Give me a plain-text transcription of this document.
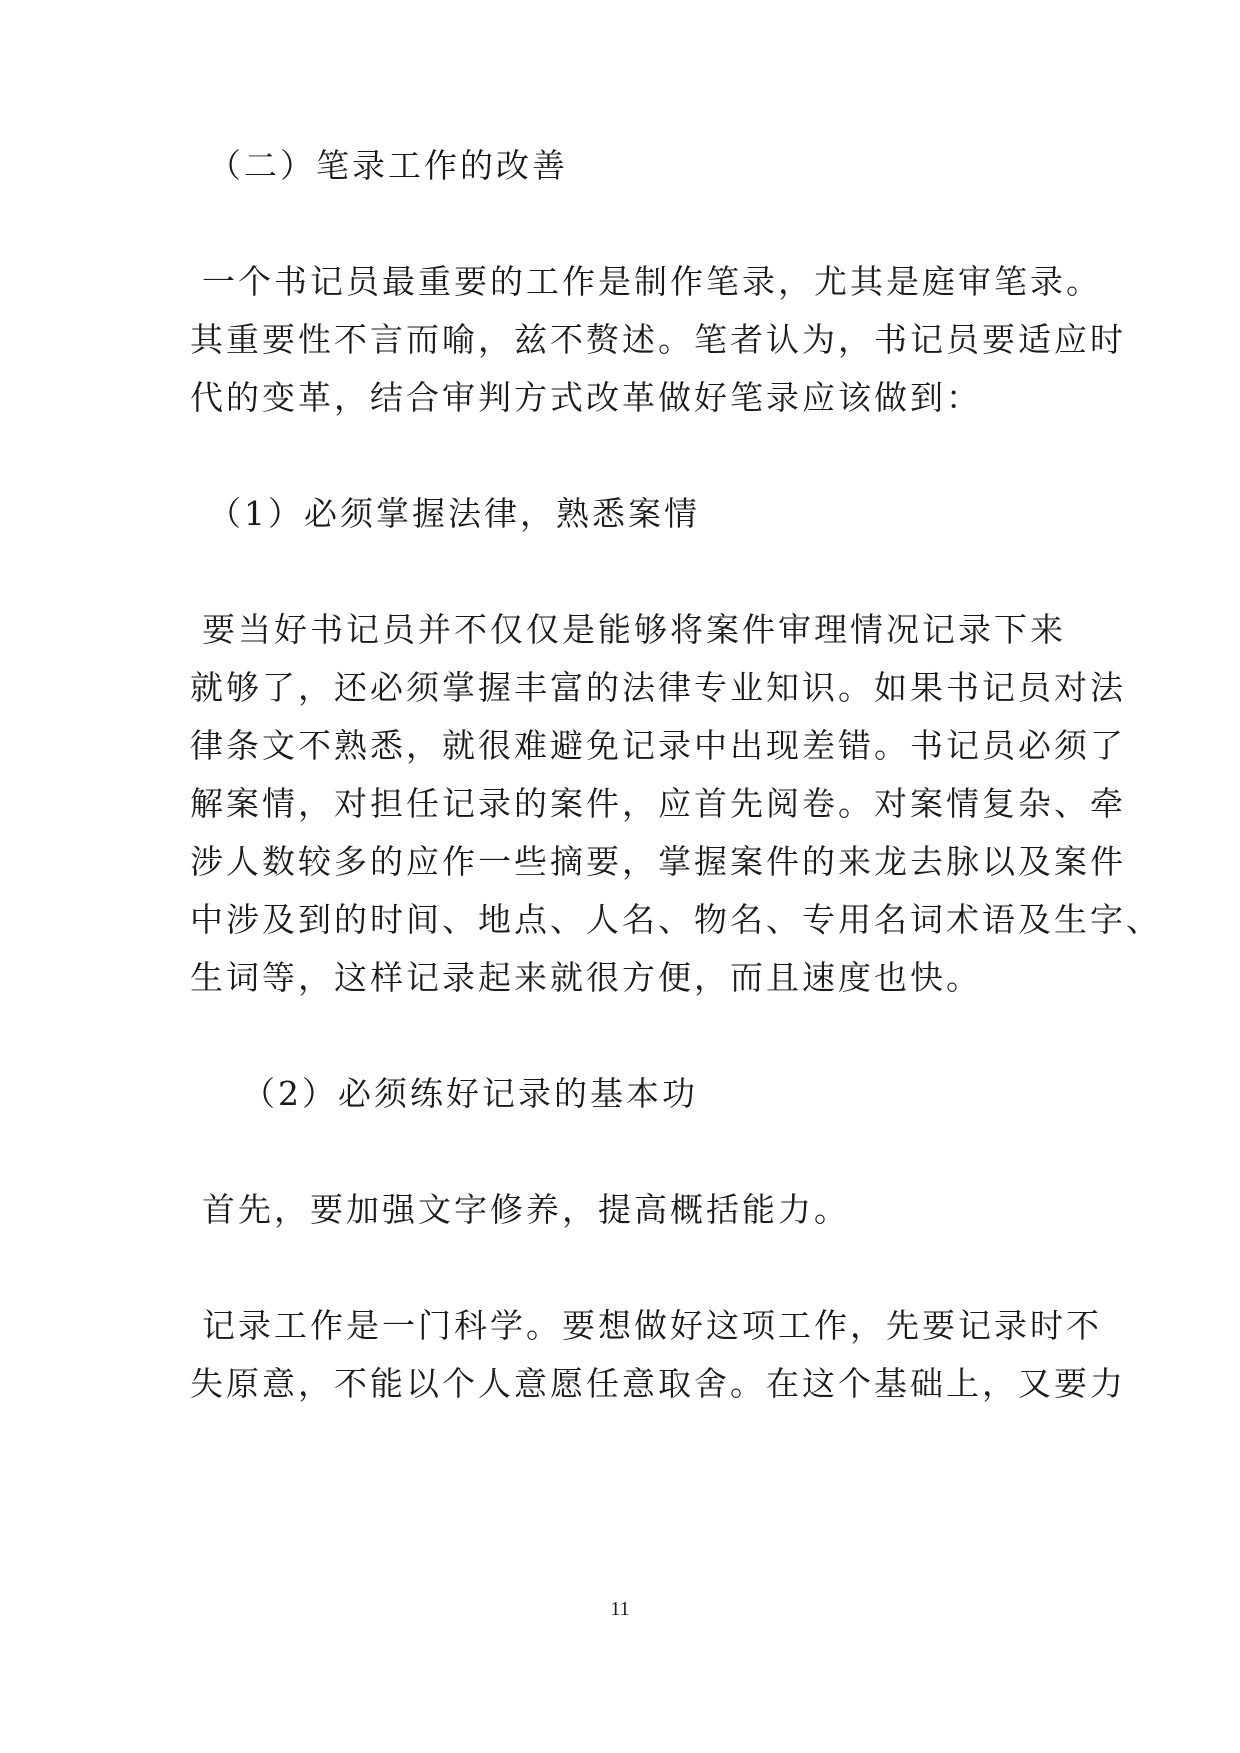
（二）笔录工作的改善
一个书记员最重要的工作是制作笔录，尤其是庭审笔录。
其重要性不言而喻，兹不赘述。笔者认为，书记员要适应时
代的变革，结合审判方式改革做好笔录应该做到：
（1）必须掌握法律，熟悉案情
要当好书记员并不仅仅是能够将案件审理情况记录下来
就够了，还必须掌握丰富的法律专业知识。如果书记员对法
律条文不熟悉，就很难避免记录中出现差错。书记员必须了
解案情，对担任记录的案件，应首先阅卷。对案情复杂、牵
涉人数较多的应作一些摘要，掌握案件的来龙去脉以及案件
中涉及到的时间、地点、人名、物名、专用名词术语及生字、
生词等，这样记录起来就很方便，而且速度也快。
（2）必须练好记录的基本功
首先，要加强文字修养，提高概括能力。
记录工作是一门科学。要想做好这项工作，先要记录时不
失原意，不能以个人意愿任意取舍。在这个基础上，又要力
11
